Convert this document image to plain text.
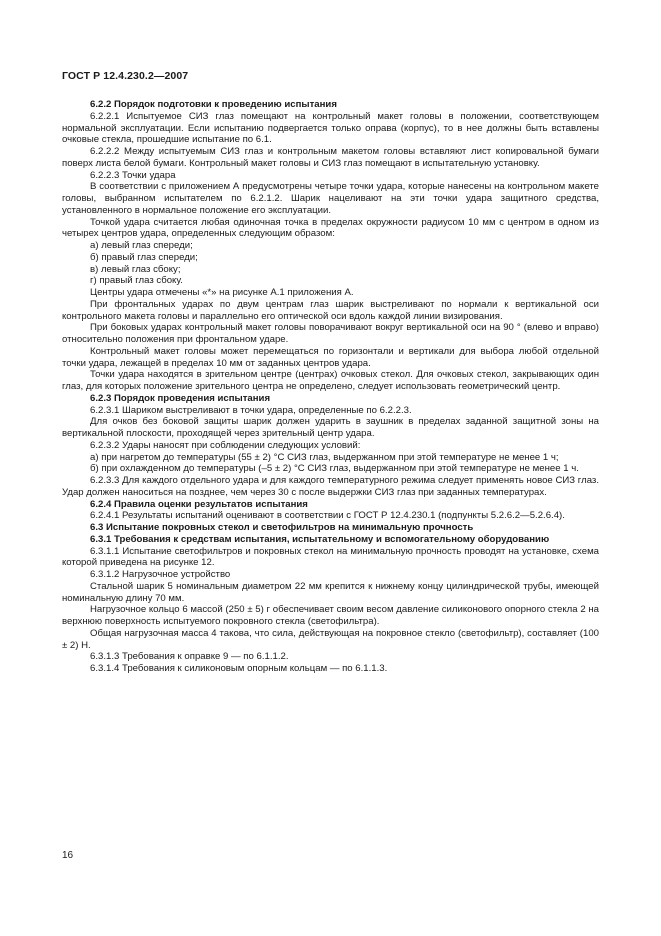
ГОСТ Р 12.4.230.2—2007

6.2.2 Порядок подготовки к проведению испытания

6.2.2.1 Испытуемое СИЗ глаз помещают на контрольный макет головы в положении, соответствующем нормальной эксплуатации. Если испытанию подвергается только оправа (корпус), то в нее должны быть вставлены очковые стекла, прошедшие испытание по 6.1.

6.2.2.2 Между испытуемым СИЗ глаз и контрольным макетом головы вставляют лист копировальной бумаги поверх листа белой бумаги. Контрольный макет головы и СИЗ глаз помещают в испытательную установку.

6.2.2.3 Точки удара

В соответствии с приложением А предусмотрены четыре точки удара, которые нанесены на контрольном макете головы, выбранном испытателем по 6.2.1.2. Шарик нацеливают на эти точки удара защитного средства, установленного в нормальное положение его эксплуатации.

Точкой удара считается любая одиночная точка в пределах окружности радиусом 10 мм с центром в одном из четырех центров удара, определенных следующим образом:

а) левый глаз спереди;

б) правый глаз спереди;

в) левый глаз сбоку;

г) правый глаз сбоку.

Центры удара отмечены «*» на рисунке А.1 приложения А.

При фронтальных ударах по двум центрам глаз шарик выстреливают по нормали к вертикальной оси контрольного макета головы и параллельно его оптической оси вдоль каждой линии визирования.

При боковых ударах контрольный макет головы поворачивают вокруг вертикальной оси на 90 ° (влево и вправо) относительно положения при фронтальном ударе.

Контрольный макет головы может перемещаться по горизонтали и вертикали для выбора любой отдельной точки удара, лежащей в пределах 10 мм от заданных центров удара.

Точки удара находятся в зрительном центре (центрах) очковых стекол. Для очковых стекол, закрывающих один глаз, для которых положение зрительного центра не определено, следует использовать геометрический центр.

6.2.3 Порядок проведения испытания

6.2.3.1 Шариком выстреливают в точки удара, определенные по 6.2.2.3.

Для очков без боковой защиты шарик должен ударить в заушник в пределах заданной защитной зоны на вертикальной плоскости, проходящей через зрительный центр удара.

6.2.3.2 Удары наносят при соблюдении следующих условий:

а) при нагретом до температуры (55 ± 2) °С СИЗ глаз, выдержанном при этой температуре не менее 1 ч;

б) при охлажденном до температуры (–5 ± 2) °С СИЗ глаз, выдержанном при этой температуре не менее 1 ч.

6.2.3.3 Для каждого отдельного удара и для каждого температурного режима следует применять новое СИЗ глаз. Удар должен наноситься на позднее, чем через 30 с после выдержки СИЗ глаз при заданных температурах.

6.2.4 Правила оценки результатов испытания

6.2.4.1 Результаты испытаний оценивают в соответствии с ГОСТ Р 12.4.230.1 (подпункты 5.2.6.2—5.2.6.4).

6.3 Испытание покровных стекол и светофильтров на минимальную прочность

6.3.1 Требования к средствам испытания, испытательному и вспомогательному оборудованию

6.3.1.1 Испытание светофильтров и покровных стекол на минимальную прочность проводят на установке, схема которой приведена на рисунке 12.

6.3.1.2 Нагрузочное устройство

Стальной шарик 5 номинальным диаметром 22 мм крепится к нижнему концу цилиндрической трубы, имеющей номинальную длину 70 мм.

Нагрузочное кольцо 6 массой (250 ± 5) г обеспечивает своим весом давление силиконового опорного стекла 2 на верхнюю поверхность испытуемого покровного стекла (светофильтра).

Общая нагрузочная масса 4 такова, что сила, действующая на покровное стекло (светофильтр), составляет (100 ± 2) Н.

6.3.1.3 Требования к оправке 9 — по 6.1.1.2.

6.3.1.4 Требования к силиконовым опорным кольцам — по 6.1.1.3.

16
